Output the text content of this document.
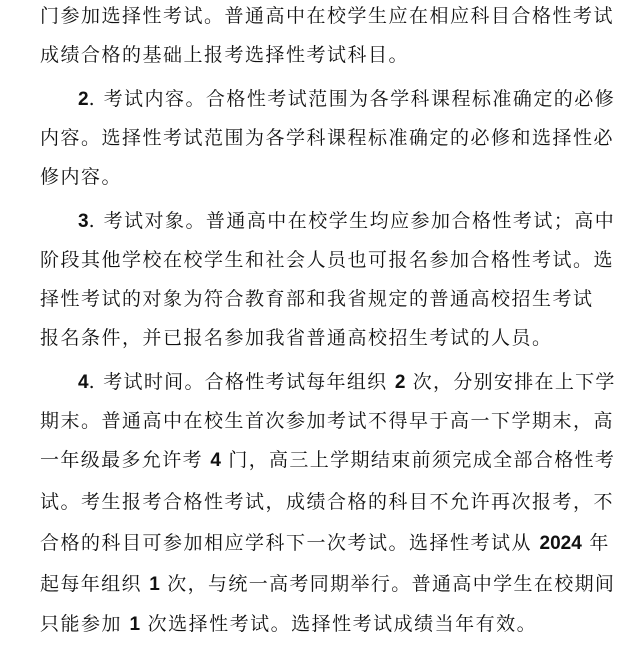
门参加选择性考试。普通高中在校学生应在相应科目合格性考试
成绩合格的基础上报考选择性考试科目。
2. 考试内容。合格性考试范围为各学科课程标准确定的必修
内容。选择性考试范围为各学科课程标准确定的必修和选择性必
修内容。
3. 考试对象。普通高中在校学生均应参加合格性考试；高中
阶段其他学校在校学生和社会人员也可报名参加合格性考试。选
择性考试的对象为符合教育部和我省规定的普通高校招生考试
报名条件，并已报名参加我省普通高校招生考试的人员。
4. 考试时间。合格性考试每年组织 2 次，分别安排在上下学
期末。普通高中在校生首次参加考试不得早于高一下学期末，高
一年级最多允许考 4 门，高三上学期结束前须完成全部合格性考
试。考生报考合格性考试，成绩合格的科目不允许再次报考，不
合格的科目可参加相应学科下一次考试。选择性考试从 2024 年
起每年组织 1 次，与统一高考同期举行。普通高中学生在校期间
只能参加 1 次选择性考试。选择性考试成绩当年有效。
